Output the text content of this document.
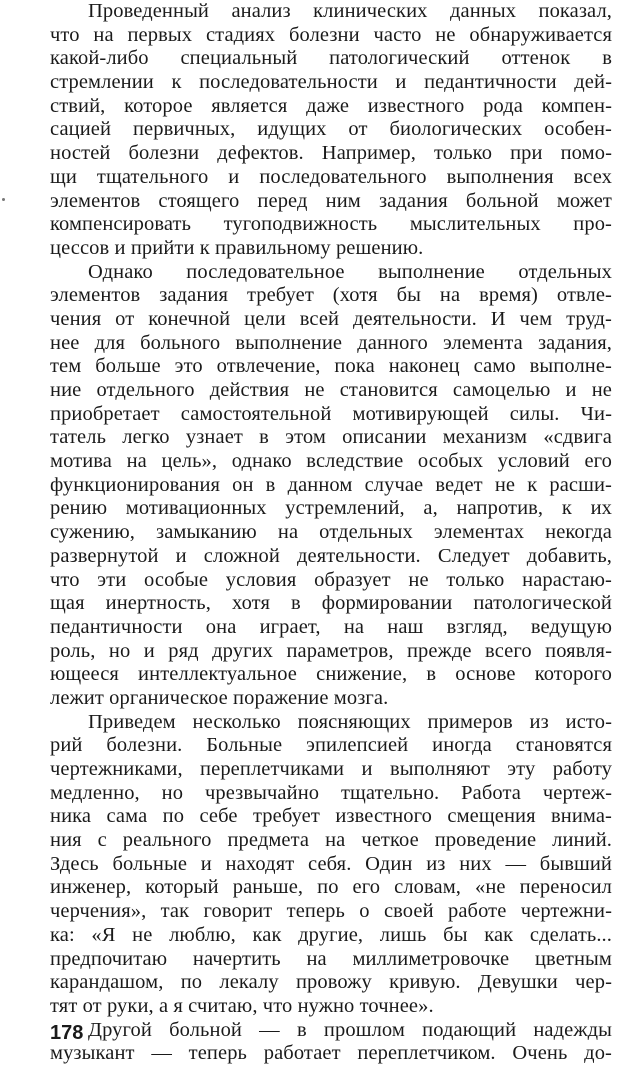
Проведенный анализ клинических данных показал,
что на первых стадиях болезни часто не обнаруживается
какой-либо специальный патологический оттенок в
стремлении к последовательности и педантичности дей-
ствий, которое является даже известного рода компен-
сацией первичных, идущих от биологических особен-
ностей болезни дефектов. Например, только при помо-
щи тщательного и последовательного выполнения всех
элементов стоящего перед ним задания больной может
компенсировать тугоподвижность мыслительных про-
цессов и прийти к правильному решению.
Однако последовательное выполнение отдельных
элементов задания требует (хотя бы на время) отвле-
чения от конечной цели всей деятельности. И чем труд-
нее для больного выполнение данного элемента задания,
тем больше это отвлечение, пока наконец само выполне-
ние отдельного действия не становится самоцелью и не
приобретает самостоятельной мотивирующей силы. Чи-
татель легко узнает в этом описании механизм «сдвига
мотива на цель», однако вследствие особых условий его
функционирования он в данном случае ведет не к расши-
рению мотивационных устремлений, а, напротив, к их
сужению, замыканию на отдельных элементах некогда
развернутой и сложной деятельности. Следует добавить,
что эти особые условия образует не только нарастаю-
щая инертность, хотя в формировании патологической
педантичности она играет, на наш взгляд, ведущую
роль, но и ряд других параметров, прежде всего появля-
ющееся интеллектуальное снижение, в основе которого
лежит органическое поражение мозга.
Приведем несколько поясняющих примеров из исто-
рий болезни. Больные эпилепсией иногда становятся
чертежниками, переплетчиками и выполняют эту работу
медленно, но чрезвычайно тщательно. Работа чертеж-
ника сама по себе требует известного смещения внима-
ния с реального предмета на четкое проведение линий.
Здесь больные и находят себя. Один из них — бывший
инженер, который раньше, по его словам, «не переносил
черчения», так говорит теперь о своей работе чертежни-
ка: «Я не люблю, как другие, лишь бы как сделать...
предпочитаю начертить на миллиметровочке цветным
карандашом, по лекалу провожу кривую. Девушки чер-
тят от руки, а я считаю, что нужно точнее».
Другой больной — в прошлом подающий надежды
музыкант — теперь работает переплетчиком. Очень до-
178
